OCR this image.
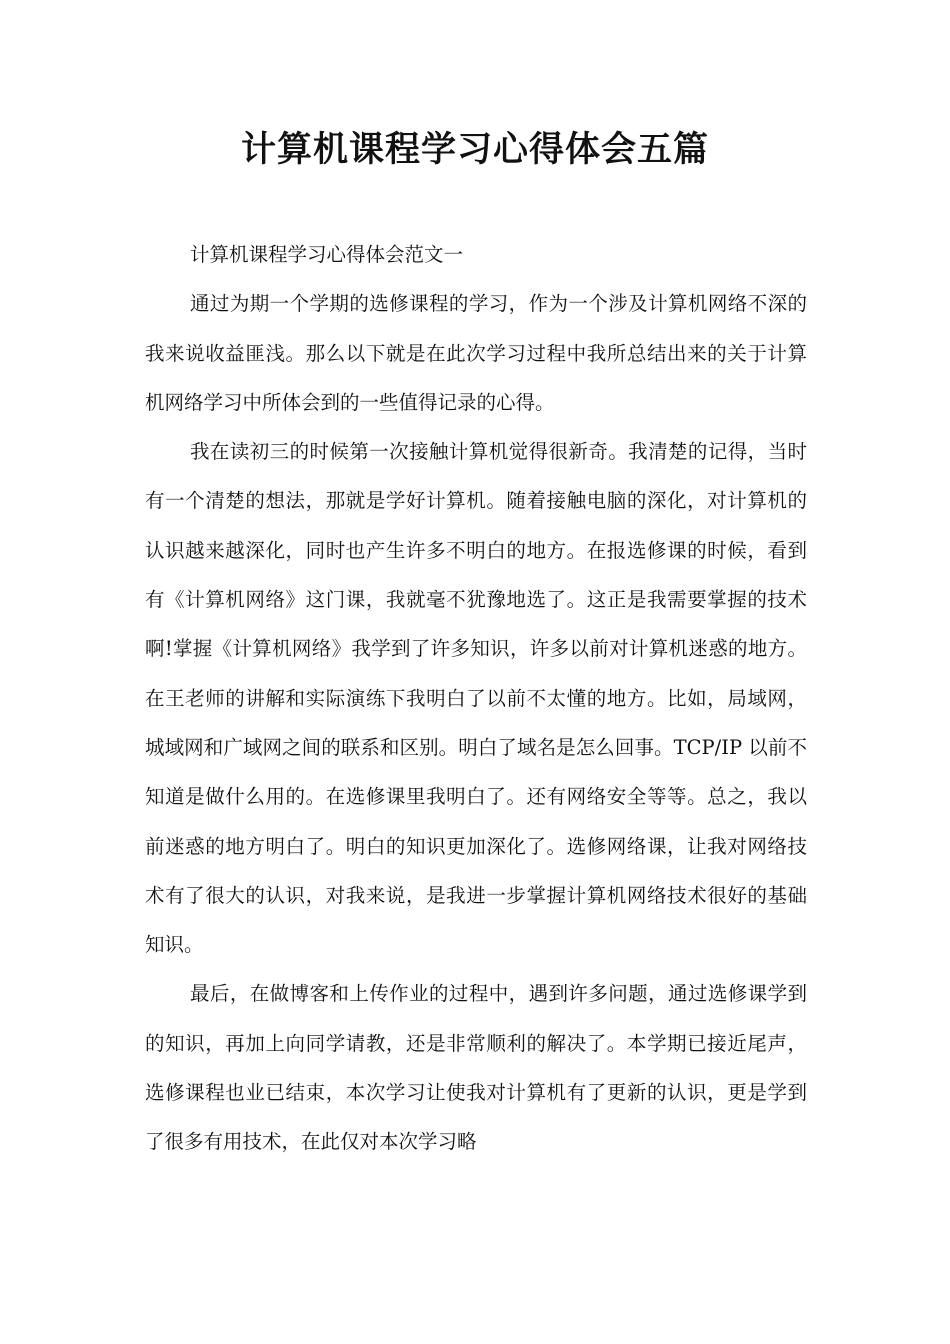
计算机课程学习心得体会五篇

计算机课程学习心得体会范文一

通过为期一个学期的选修课程的学习，作为一个涉及计算机网络不深的我来说收益匪浅。那么以下就是在此次学习过程中我所总结出来的关于计算机网络学习中所体会到的一些值得记录的心得。

我在读初三的时候第一次接触计算机觉得很新奇。我清楚的记得，当时有一个清楚的想法，那就是学好计算机。随着接触电脑的深化，对计算机的认识越来越深化，同时也产生许多不明白的地方。在报选修课的时候，看到有《计算机网络》这门课，我就毫不犹豫地选了。这正是我需要掌握的技术啊!掌握《计算机网络》我学到了许多知识，许多以前对计算机迷惑的地方。在王老师的讲解和实际演练下我明白了以前不太懂的地方。比如，局域网，城域网和广域网之间的联系和区别。明白了域名是怎么回事。TCP/IP 以前不知道是做什么用的。在选修课里我明白了。还有网络安全等等。总之，我以前迷惑的地方明白了。明白的知识更加深化了。选修网络课，让我对网络技术有了很大的认识，对我来说，是我进一步掌握计算机网络技术很好的基础知识。

最后，在做博客和上传作业的过程中，遇到许多问题，通过选修课学到的知识，再加上向同学请教，还是非常顺利的解决了。本学期已接近尾声，选修课程也业已结束，本次学习让使我对计算机有了更新的认识，更是学到了很多有用技术，在此仅对本次学习略
